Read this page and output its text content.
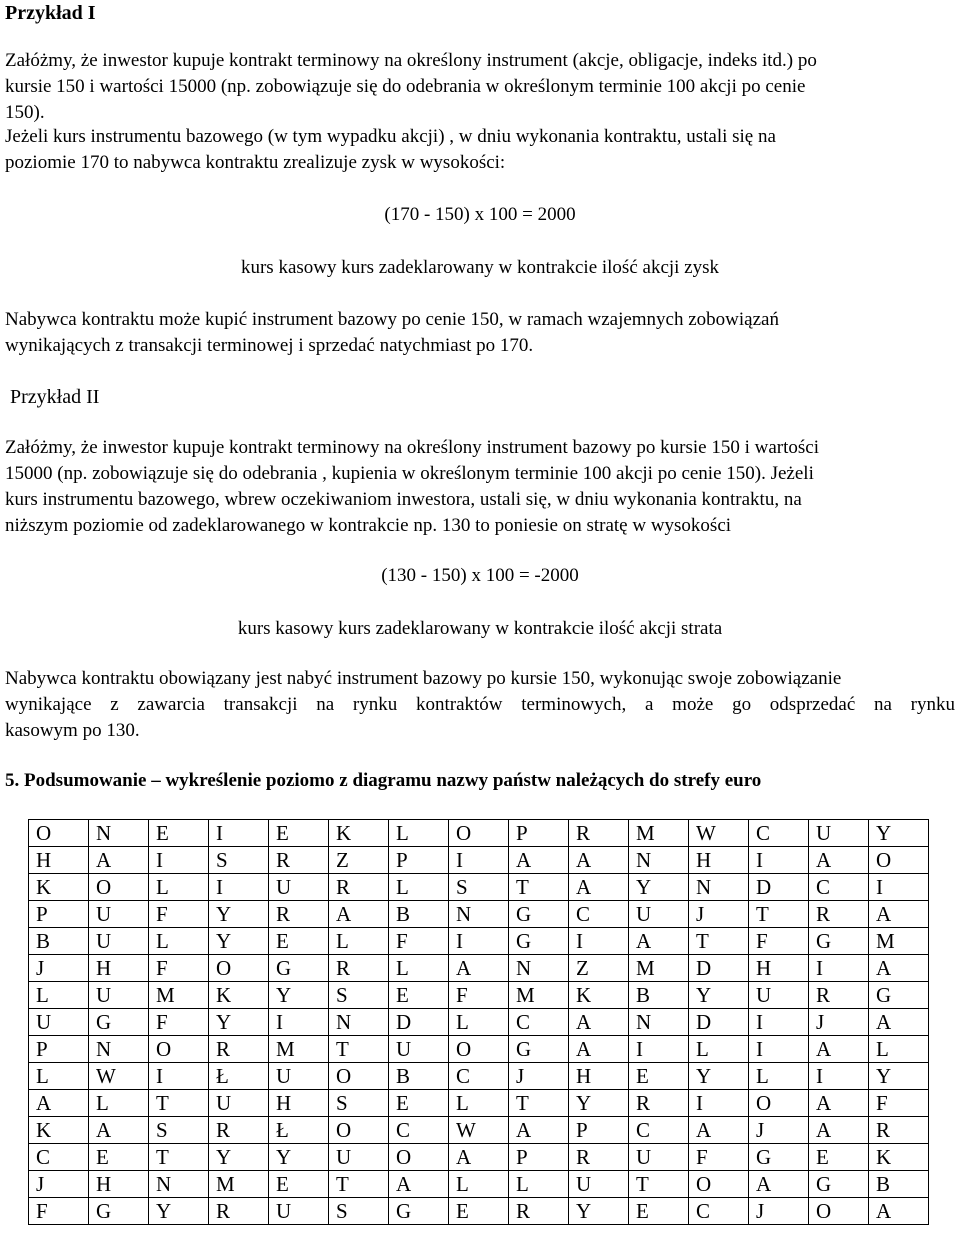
Przykład I
Załóżmy, że inwestor kupuje kontrakt terminowy na określony instrument (akcje, obligacje, indeks itd.) po
kursie 150 i wartości 15000 (np. zobowiązuje się do odebrania w określonym terminie 100 akcji po cenie
150).
Jeżeli kurs instrumentu bazowego (w tym wypadku akcji) , w dniu wykonania kontraktu, ustali się na
poziomie 170 to nabywca kontraktu zrealizuje zysk w wysokości:
(170 - 150) x 100 = 2000
kurs kasowy kurs zadeklarowany w kontrakcie ilość akcji zysk
Nabywca kontraktu może kupić instrument bazowy po cenie 150, w ramach wzajemnych zobowiązań
wynikających z transakcji terminowej i sprzedać natychmiast po 170.
Przykład II
Załóżmy, że inwestor kupuje kontrakt terminowy na określony instrument bazowy po kursie 150 i wartości
15000 (np. zobowiązuje się do odebrania , kupienia w określonym terminie 100 akcji po cenie 150). Jeżeli
kurs instrumentu bazowego, wbrew oczekiwaniom inwestora, ustali się, w dniu wykonania kontraktu, na
niższym poziomie od zadeklarowanego w kontrakcie np. 130 to poniesie on stratę w wysokości
(130 - 150) x 100 = -2000
kurs kasowy kurs zadeklarowany w kontrakcie ilość akcji strata
Nabywca kontraktu obowiązany jest nabyć instrument bazowy po kursie 150, wykonując swoje zobowiązanie
wynikające z zawarcia transakcji na rynku kontraktów terminowych, a może go odsprzedać na rynku
kasowym po 130.
5. Podsumowanie – wykreślenie poziomo z diagramu nazwy państw należących do strefy euro
O	N	E	I	E	K	L	O	P	R	M	W	C	U	Y
H	A	I	S	R	Z	P	I	A	A	N	H	I	A	O
K	O	L	I	U	R	L	S	T	A	Y	N	D	C	I
P	U	F	Y	R	A	B	N	G	C	U	J	T	R	A
B	U	L	Y	E	L	F	I	G	I	A	T	F	G	M
J	H	F	O	G	R	L	A	N	Z	M	D	H	I	A
L	U	M	K	Y	S	E	F	M	K	B	Y	U	R	G
U	G	F	Y	I	N	D	L	C	A	N	D	I	J	A
P	N	O	R	M	T	U	O	G	A	I	L	I	A	L
L	W	I	Ł	U	O	B	C	J	H	E	Y	L	I	Y
A	L	T	U	H	S	E	L	T	Y	R	I	O	A	F
K	A	S	R	Ł	O	C	W	A	P	C	A	J	A	R
C	E	T	Y	Y	U	O	A	P	R	U	F	G	E	K
J	H	N	M	E	T	A	L	L	U	T	O	A	G	B
F	G	Y	R	U	S	G	E	R	Y	E	C	J	O	A
